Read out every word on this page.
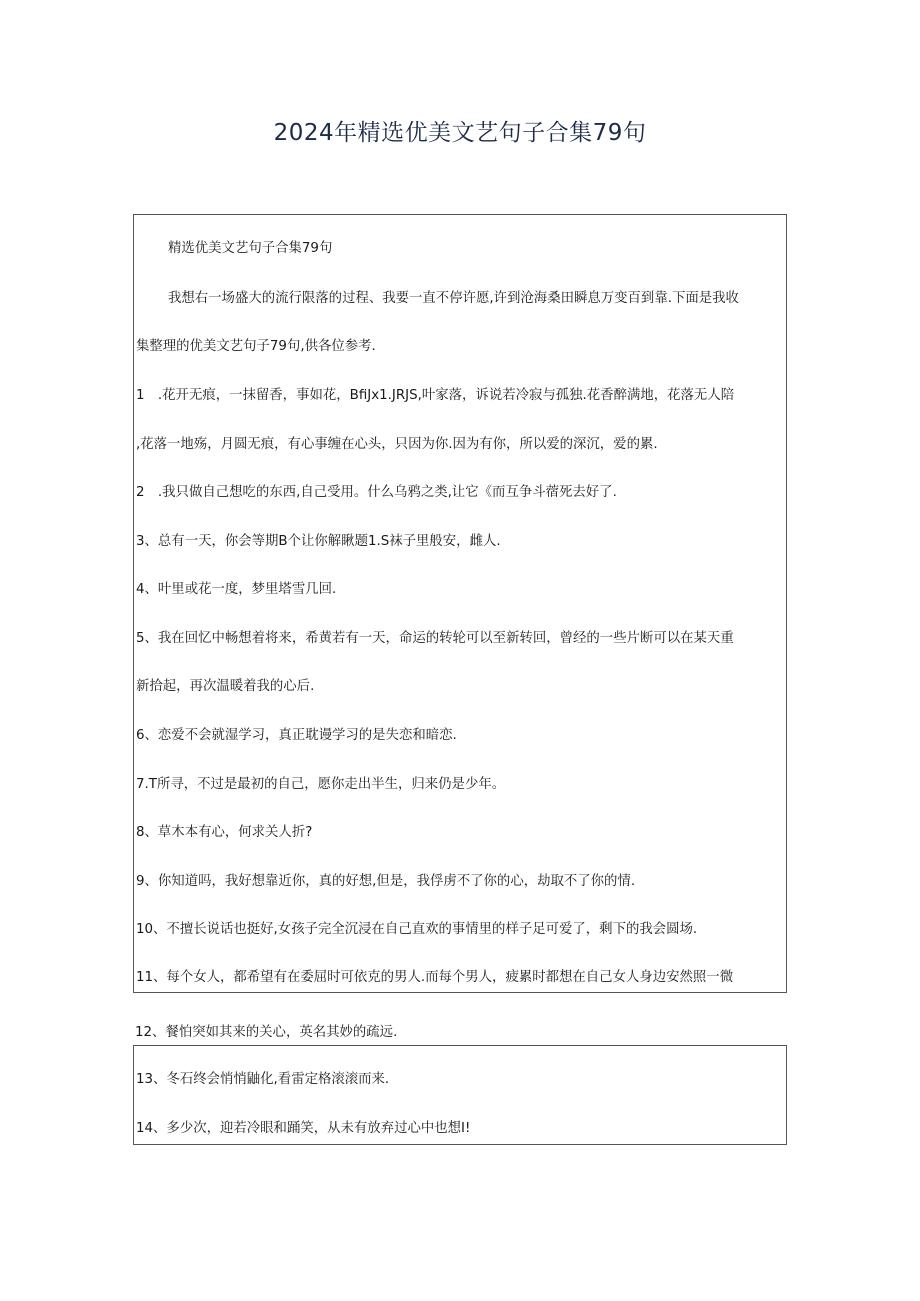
2024年精选优美文艺句子合集79句
精选优美文艺句子合集79句
我想右一场盛大的流行限落的过程、我要一直不停许愿,许到沧海桑田瞬息万变百到靠.下面是我收
集整理的优美文艺句子79句,供各位参考.
1　.花开无痕，一抹留香，事如花，BfiJx1.JRJS,叶家落，诉说若冷寂与孤独.花香醉满地，花落无人陪
,花落一地殇，月圆无痕，有心事缠在心头，只因为你.因为有你，所以爱的深沉，爱的累.
2　.我只做自己想吃的东西,自己受用。什么乌鸦之类,让它《而互争斗蓿死去好了.
3、总有一天，你会等期B个让你解瞅题1.S袜子里般安，雌人.
4、叶里或花一度，梦里塔雪几回.
5、我在回忆中畅想着将来，希黄若有一天，命运的转轮可以至新转回，曾经的一些片断可以在某天重
新拾起，再次温暖着我的心后.
6、恋爱不会就湿学习，真正耽谩学习的是失恋和暗恋.
7.T所寻，不过是最初的自己，愿你走出半生，归来仍是少年。
8、草木本有心，何求关人折?
9、你知道吗，我好想靠近你，真的好想,但是，我俘虏不了你的心，劫取不了你的情.
10、不擅长说话也挺好,女孩子完全沉浸在自己直欢的事情里的样子足可爱了，剩下的我会圆场.
11、每个女人，都希望有在委屈时可依克的男人.而每个男人，疲累时都想在自己女人身边安然照一微
12、餐怕突如其来的关心，英名其妙的疏远.
13、冬石终会悄悄鼬化,看雷定格滚滚而来.
14、多少次，迎若冷眼和踊笑，从未有放弃过心中也想I!
